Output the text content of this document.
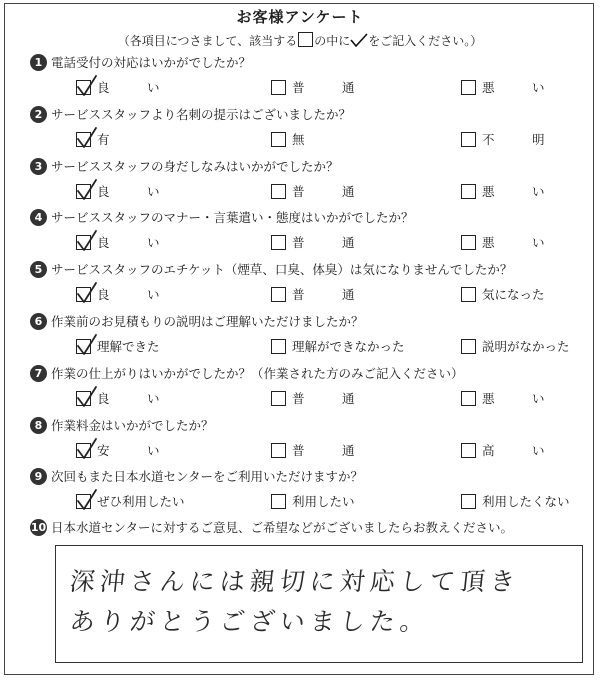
お客様アンケート
（各項目につさまして、該当する の中に をご記入ください。）
1 電話受付の対応はいかがでしたか？
良　　　い	普　　　通	悪　　　い
2 サービススタッフより名刺の提示はございましたか？
有	無	不　　　明
3 サービススタッフの身だしなみはいかがでしたか？
良　　　い	普　　　通	悪　　　い
4 サービススタッフのマナー・言葉遣い・態度はいかがでしたか？
良　　　い	普　　　通	悪　　　い
5 サービススタッフのエチケット（煙草、口臭、体臭）は気になりませんでしたか？
良　　　い	普　　　通	気になった
6 作業前のお見積もりの説明はご理解いただけましたか？
理解できた	理解ができなかった	説明がなかった
7 作業の仕上がりはいかがでしたか？（作業された方のみご記入ください）
良　　　い	普　　　通	悪　　　い
8 作業料金はいかがでしたか？
安　　　い	普　　　通	高　　　い
9 次回もまた日本水道センターをご利用いただけますか？
ぜひ利用したい	利用したい	利用したくない
10 日本水道センターに対するご意見、ご希望などがございましたらお教えください。
深沖さんには親切に対応して頂き
ありがとうございました。
